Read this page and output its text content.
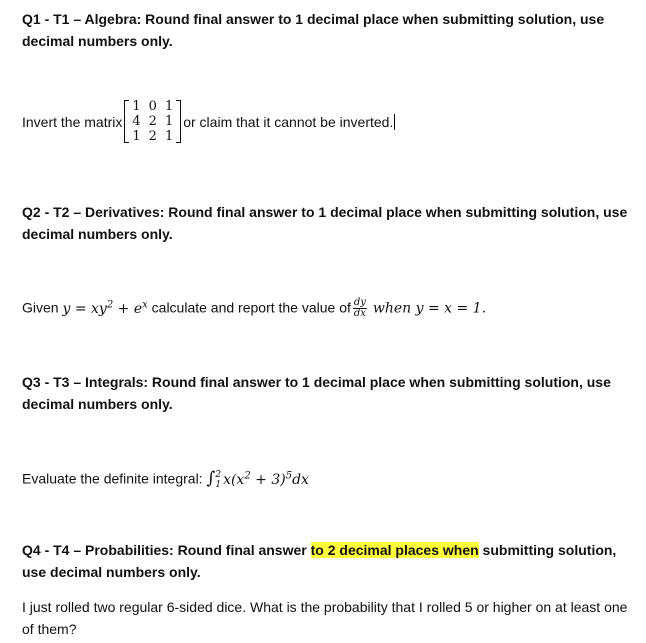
Q1 - T1 – Algebra: Round final answer to 1 decimal place when submitting solution, use decimal numbers only.
Invert the matrix
1	0	1
4	2	1
1	2	1
or claim that it cannot be inverted.
Q2 - T2 – Derivatives: Round final answer to 1 decimal place when submitting solution, use decimal numbers only.
Given $y = xy^2 + e^x$ calculate and report the value of $\frac{dy}{dx}$ when y = x = 1.
Q3 - T3 – Integrals: Round final answer to 1 decimal place when submitting solution, use decimal numbers only.
Evaluate the definite integral: ∫ 2
1 $x(x^2 + 3)^5dx$
Q4 - T4 – Probabilities: Round final answer to 2 decimal places when submitting solution, use decimal numbers only.
I just rolled two regular 6-sided dice. What is the probability that I rolled 5 or higher on at least one of them?
